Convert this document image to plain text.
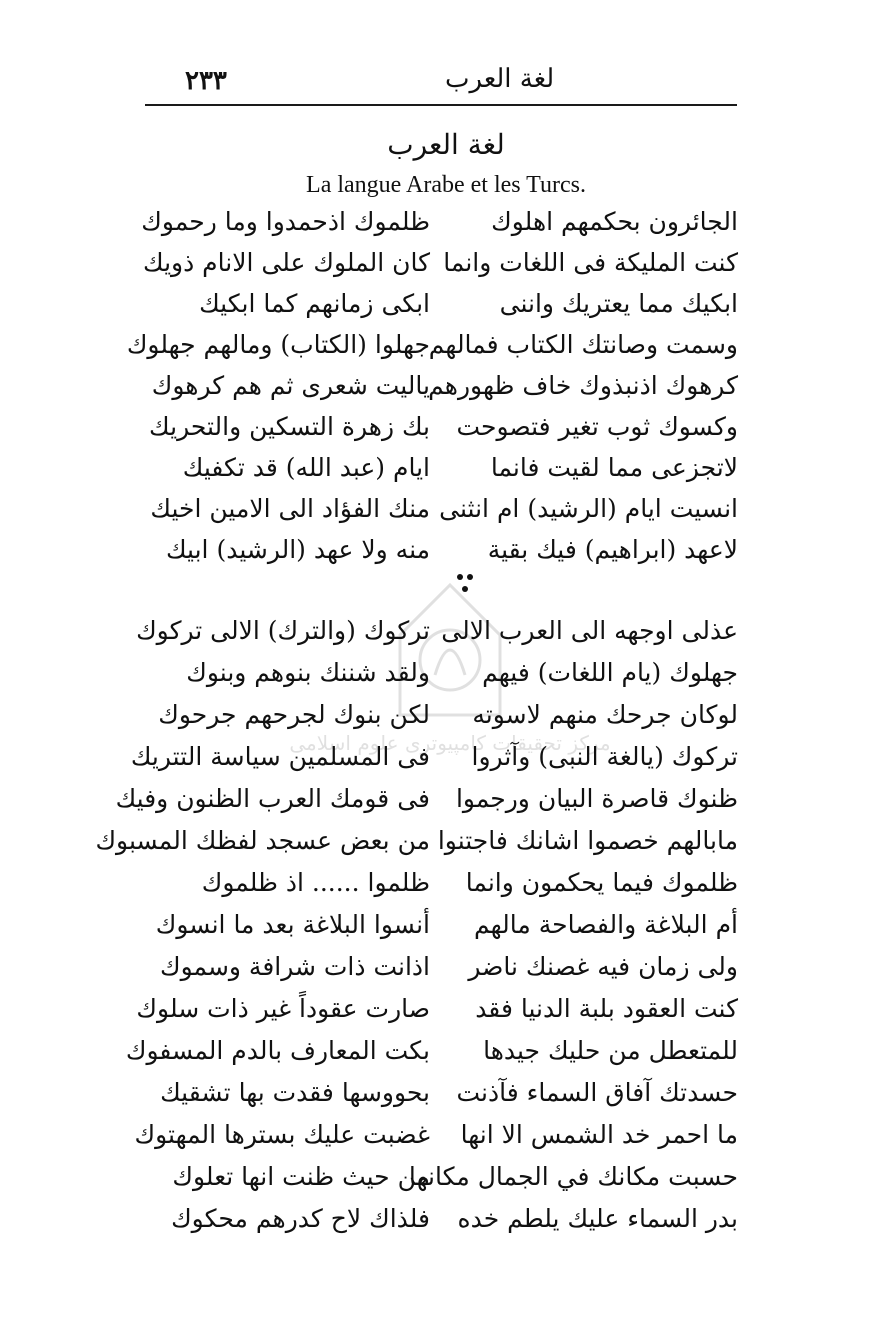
٢٣٣	لغة العرب
لغة العرب
La langue Arabe et les Turcs.
مركز تحقیقات کامپیوتری علوم اسلامی
الجائرون بحكمهم اهلوك
ظلموك اذحمدوا وما رحموك
كنت المليكة فى اللغات وانما
كان الملوك على الانام ذويك
ابكيك مما يعتريك واننى
ابكى زمانهم كما ابكيك
وسمت وصانتك الكتاب فمالهم
جهلوا (الكتاب) ومالهم جهلوك
كرهوك اذنبذوك خاف ظهورهم
ياليت شعرى ثم هم كرهوك
وكسوك ثوب تغير فتصوحت
بك زهرة التسكين والتحريك
لاتجزعى مما لقيت فانما
ايام (عبد الله) قد تكفيك
انسيت ايام (الرشيد) ام انثنى
منك الفؤاد الى الامين اخيك
لاعهد (ابراهيم) فيك بقية
منه ولا عهد (الرشيد) ابيك
عذلى اوجهه الى العرب الالى
تركوك (والترك) الالى تركوك
جهلوك (يام اللغات) فيهم
ولقد شننك بنوهم وبنوك
لوكان جرحك منهم لاسوته
لكن بنوك لجرحهم جرحوك
تركوك (يالغة النبى) وآثروا
فى المسلمين سياسة التتريك
ظنوك قاصرة البيان ورجموا
فى قومك العرب الظنون وفيك
مابالهم خصموا اشانك فاجتنوا
من بعض عسجد لفظك المسبوك
ظلموك فيما يحكمون وانما
ظلموا ...... اذ ظلموك
أم البلاغة والفصاحة مالهم
أنسوا البلاغة بعد ما انسوك
ولى زمان فيه غصنك ناضر
اذانت ذات شرافة وسموك
كنت العقود بلبة الدنيا فقد
صارت عقوداً غير ذات سلوك
للمتعطل من حليك جيدها
بكت المعارف بالدم المسفوك
حسدتك آفاق السماء فآذنت
بحووسها فقدت بها تشقيك
ما احمر خد الشمس الا انها
غضبت عليك بسترها المهتوك
حسبت مكانك في الجمال مكانها
من حيث ظنت انها تعلوك
بدر السماء عليك يلطم خده
فلذاك لاح كدرهم محكوك
